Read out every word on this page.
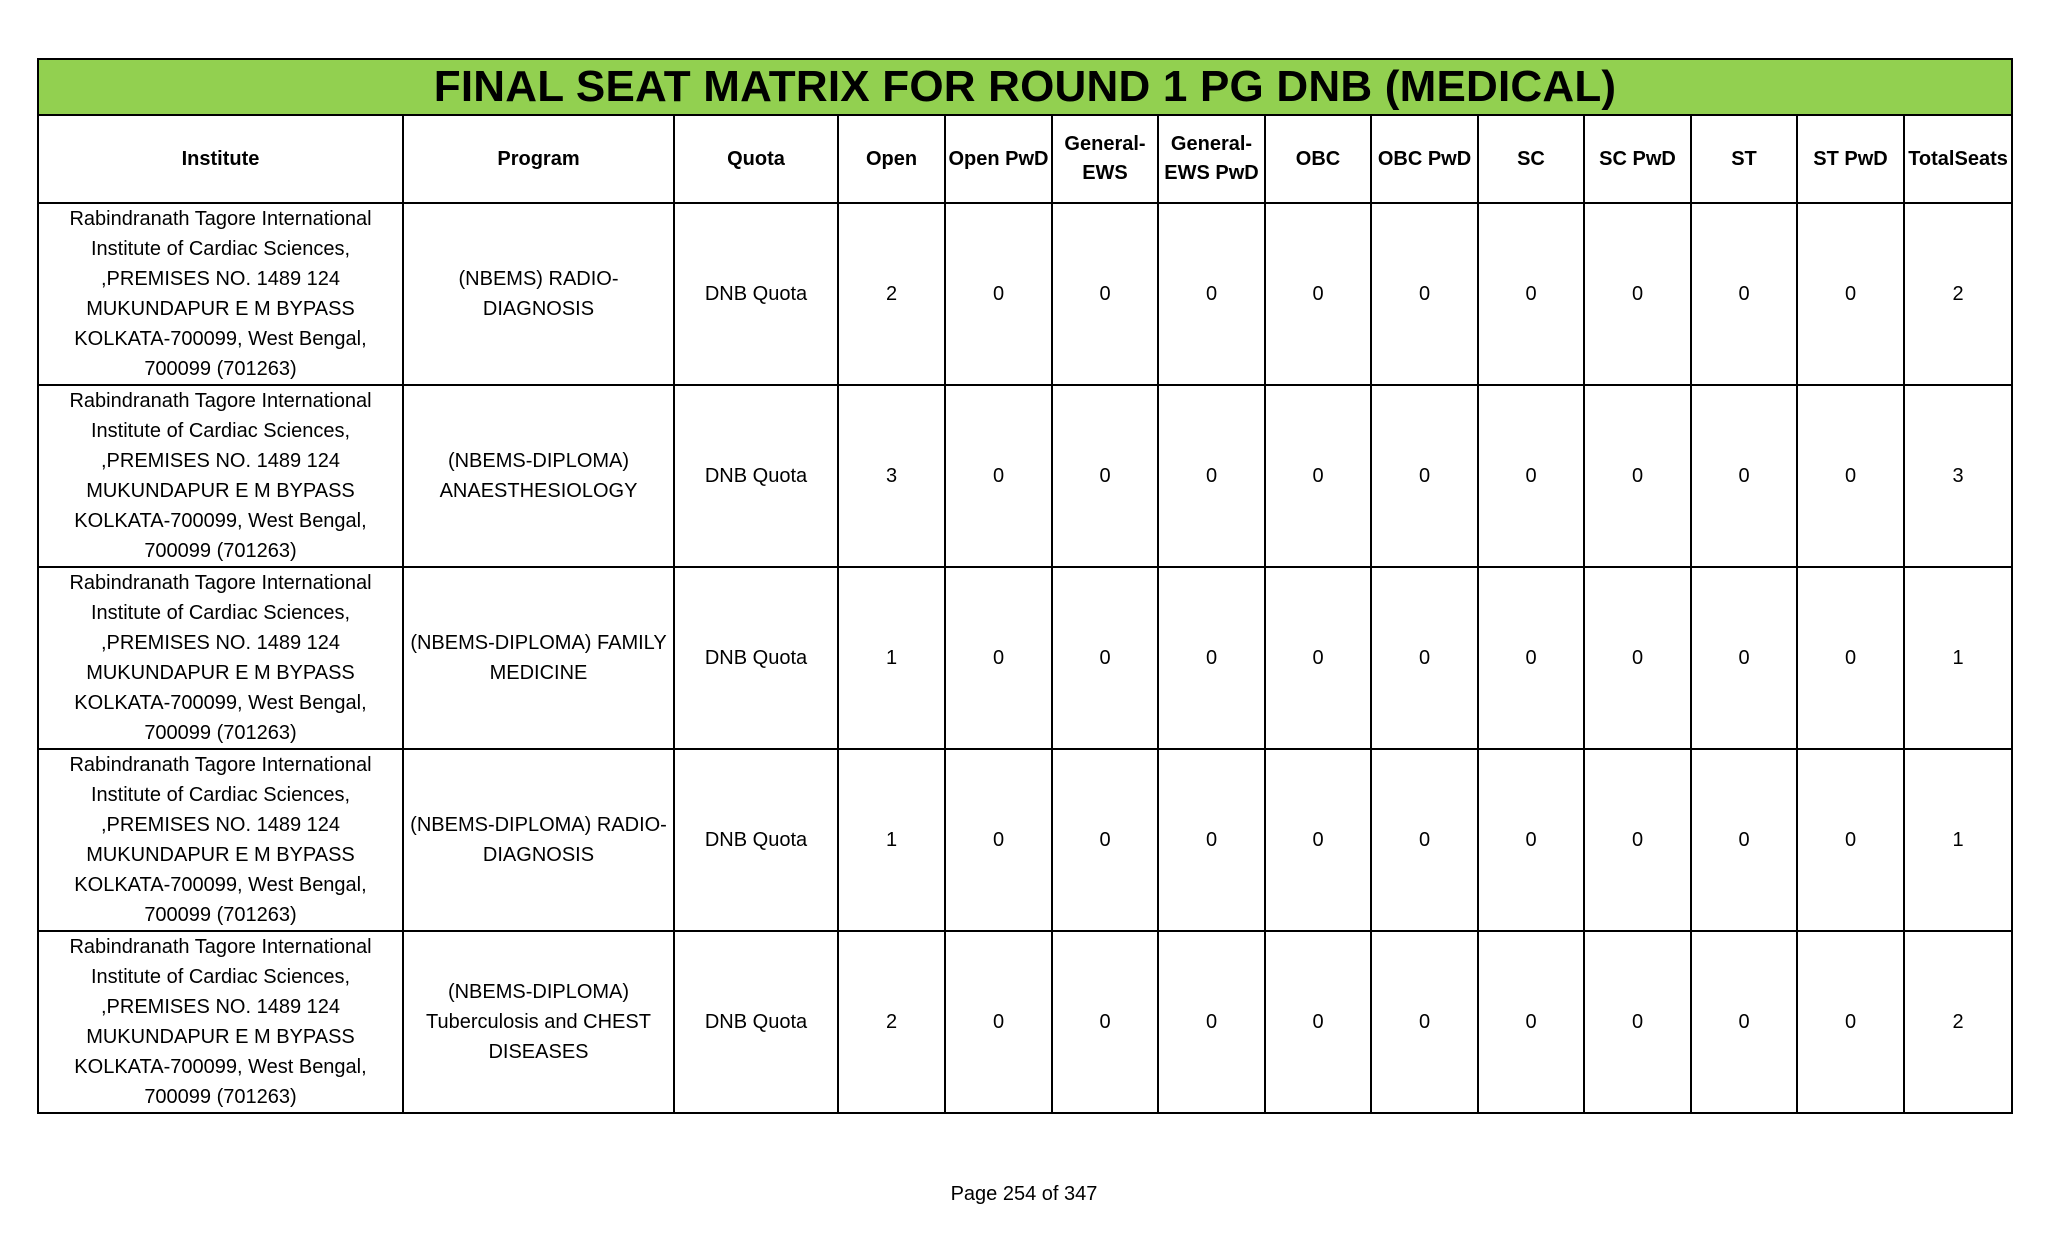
FINAL SEAT MATRIX FOR ROUND 1 PG DNB (MEDICAL)													
Institute	Program	Quota	Open	Open PwD	General-EWS	General-EWS PwD	OBC	OBC PwD	SC	SC PwD	ST	ST PwD	TotalSeats
Rabindranath Tagore International Institute of Cardiac Sciences, ,PREMISES NO. 1489 124 MUKUNDAPUR E M BYPASS KOLKATA-700099, West Bengal, 700099 (701263)	(NBEMS) RADIO-DIAGNOSIS	DNB Quota	2	0	0	0	0	0	0	0	0	0	2
Rabindranath Tagore International Institute of Cardiac Sciences, ,PREMISES NO. 1489 124 MUKUNDAPUR E M BYPASS KOLKATA-700099, West Bengal, 700099 (701263)	(NBEMS-DIPLOMA) ANAESTHESIOLOGY	DNB Quota	3	0	0	0	0	0	0	0	0	0	3
Rabindranath Tagore International Institute of Cardiac Sciences, ,PREMISES NO. 1489 124 MUKUNDAPUR E M BYPASS KOLKATA-700099, West Bengal, 700099 (701263)	(NBEMS-DIPLOMA) FAMILY MEDICINE	DNB Quota	1	0	0	0	0	0	0	0	0	0	1
Rabindranath Tagore International Institute of Cardiac Sciences, ,PREMISES NO. 1489 124 MUKUNDAPUR E M BYPASS KOLKATA-700099, West Bengal, 700099 (701263)	(NBEMS-DIPLOMA) RADIO-DIAGNOSIS	DNB Quota	1	0	0	0	0	0	0	0	0	0	1
Rabindranath Tagore International Institute of Cardiac Sciences, ,PREMISES NO. 1489 124 MUKUNDAPUR E M BYPASS KOLKATA-700099, West Bengal, 700099 (701263)	(NBEMS-DIPLOMA) Tuberculosis and CHEST DISEASES	DNB Quota	2	0	0	0	0	0	0	0	0	0	2
Page 254 of 347
